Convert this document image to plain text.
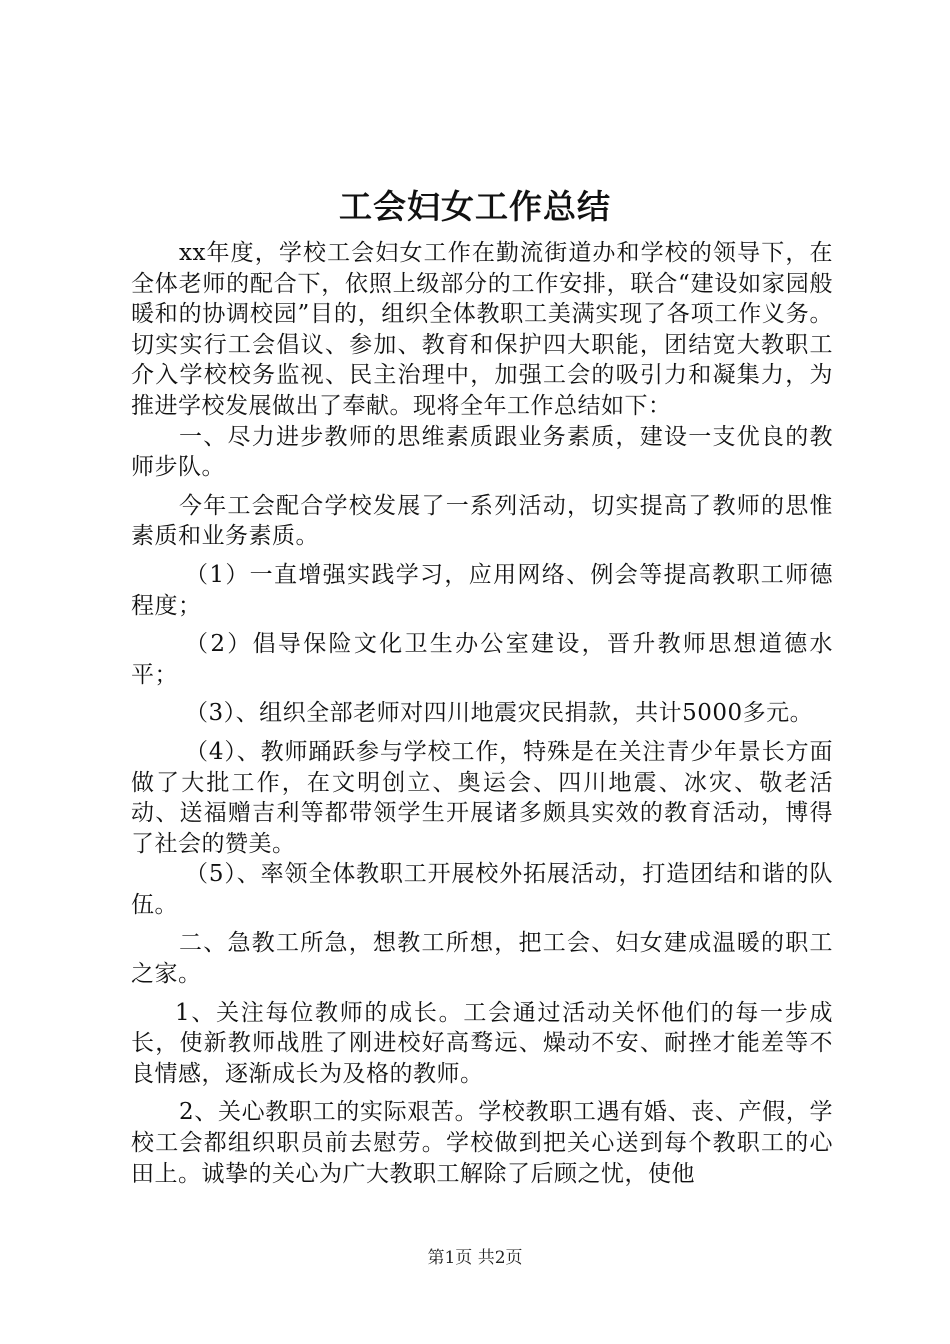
工会妇女工作总结

xx年度，学校工会妇女工作在勤流街道办和学校的领导下，在全体老师的配合下，依照上级部分的工作安排，联合“建设如家园般暖和的协调校园”目的，组织全体教职工美满实现了各项工作义务。切实实行工会倡议、参加、教育和保护四大职能，团结宽大教职工介入学校校务监视、民主治理中，加强工会的吸引力和凝集力，为推进学校发展做出了奉献。现将全年工作总结如下：

一、尽力进步教师的思维素质跟业务素质，建设一支优良的教师步队。

今年工会配合学校发展了一系列活动，切实提高了教师的思惟素质和业务素质。

（1）一直增强实践学习，应用网络、例会等提高教职工师德程度；

（2）倡导保险文化卫生办公室建设，晋升教师思想道德水平；

（3）、组织全部老师对四川地震灾民捐款，共计5000多元。

（4）、教师踊跃参与学校工作，特殊是在关注青少年景长方面做了大批工作，在文明创立、奥运会、四川地震、冰灾、敬老活动、送福赠吉利等都带领学生开展诸多颇具实效的教育活动，博得了社会的赞美。

（5）、率领全体教职工开展校外拓展活动，打造团结和谐的队伍。

二、急教工所急，想教工所想，把工会、妇女建成温暖的职工之家。

1、关注每位教师的成长。工会通过活动关怀他们的每一步成长，使新教师战胜了刚进校好高骛远、燥动不安、耐挫才能差等不良情感，逐渐成长为及格的教师。

2、关心教职工的实际艰苦。学校教职工遇有婚、丧、产假，学校工会都组织职员前去慰劳。学校做到把关心送到每个教职工的心田上。诚挚的关心为广大教职工解除了后顾之忧，使他

第1页 共2页
